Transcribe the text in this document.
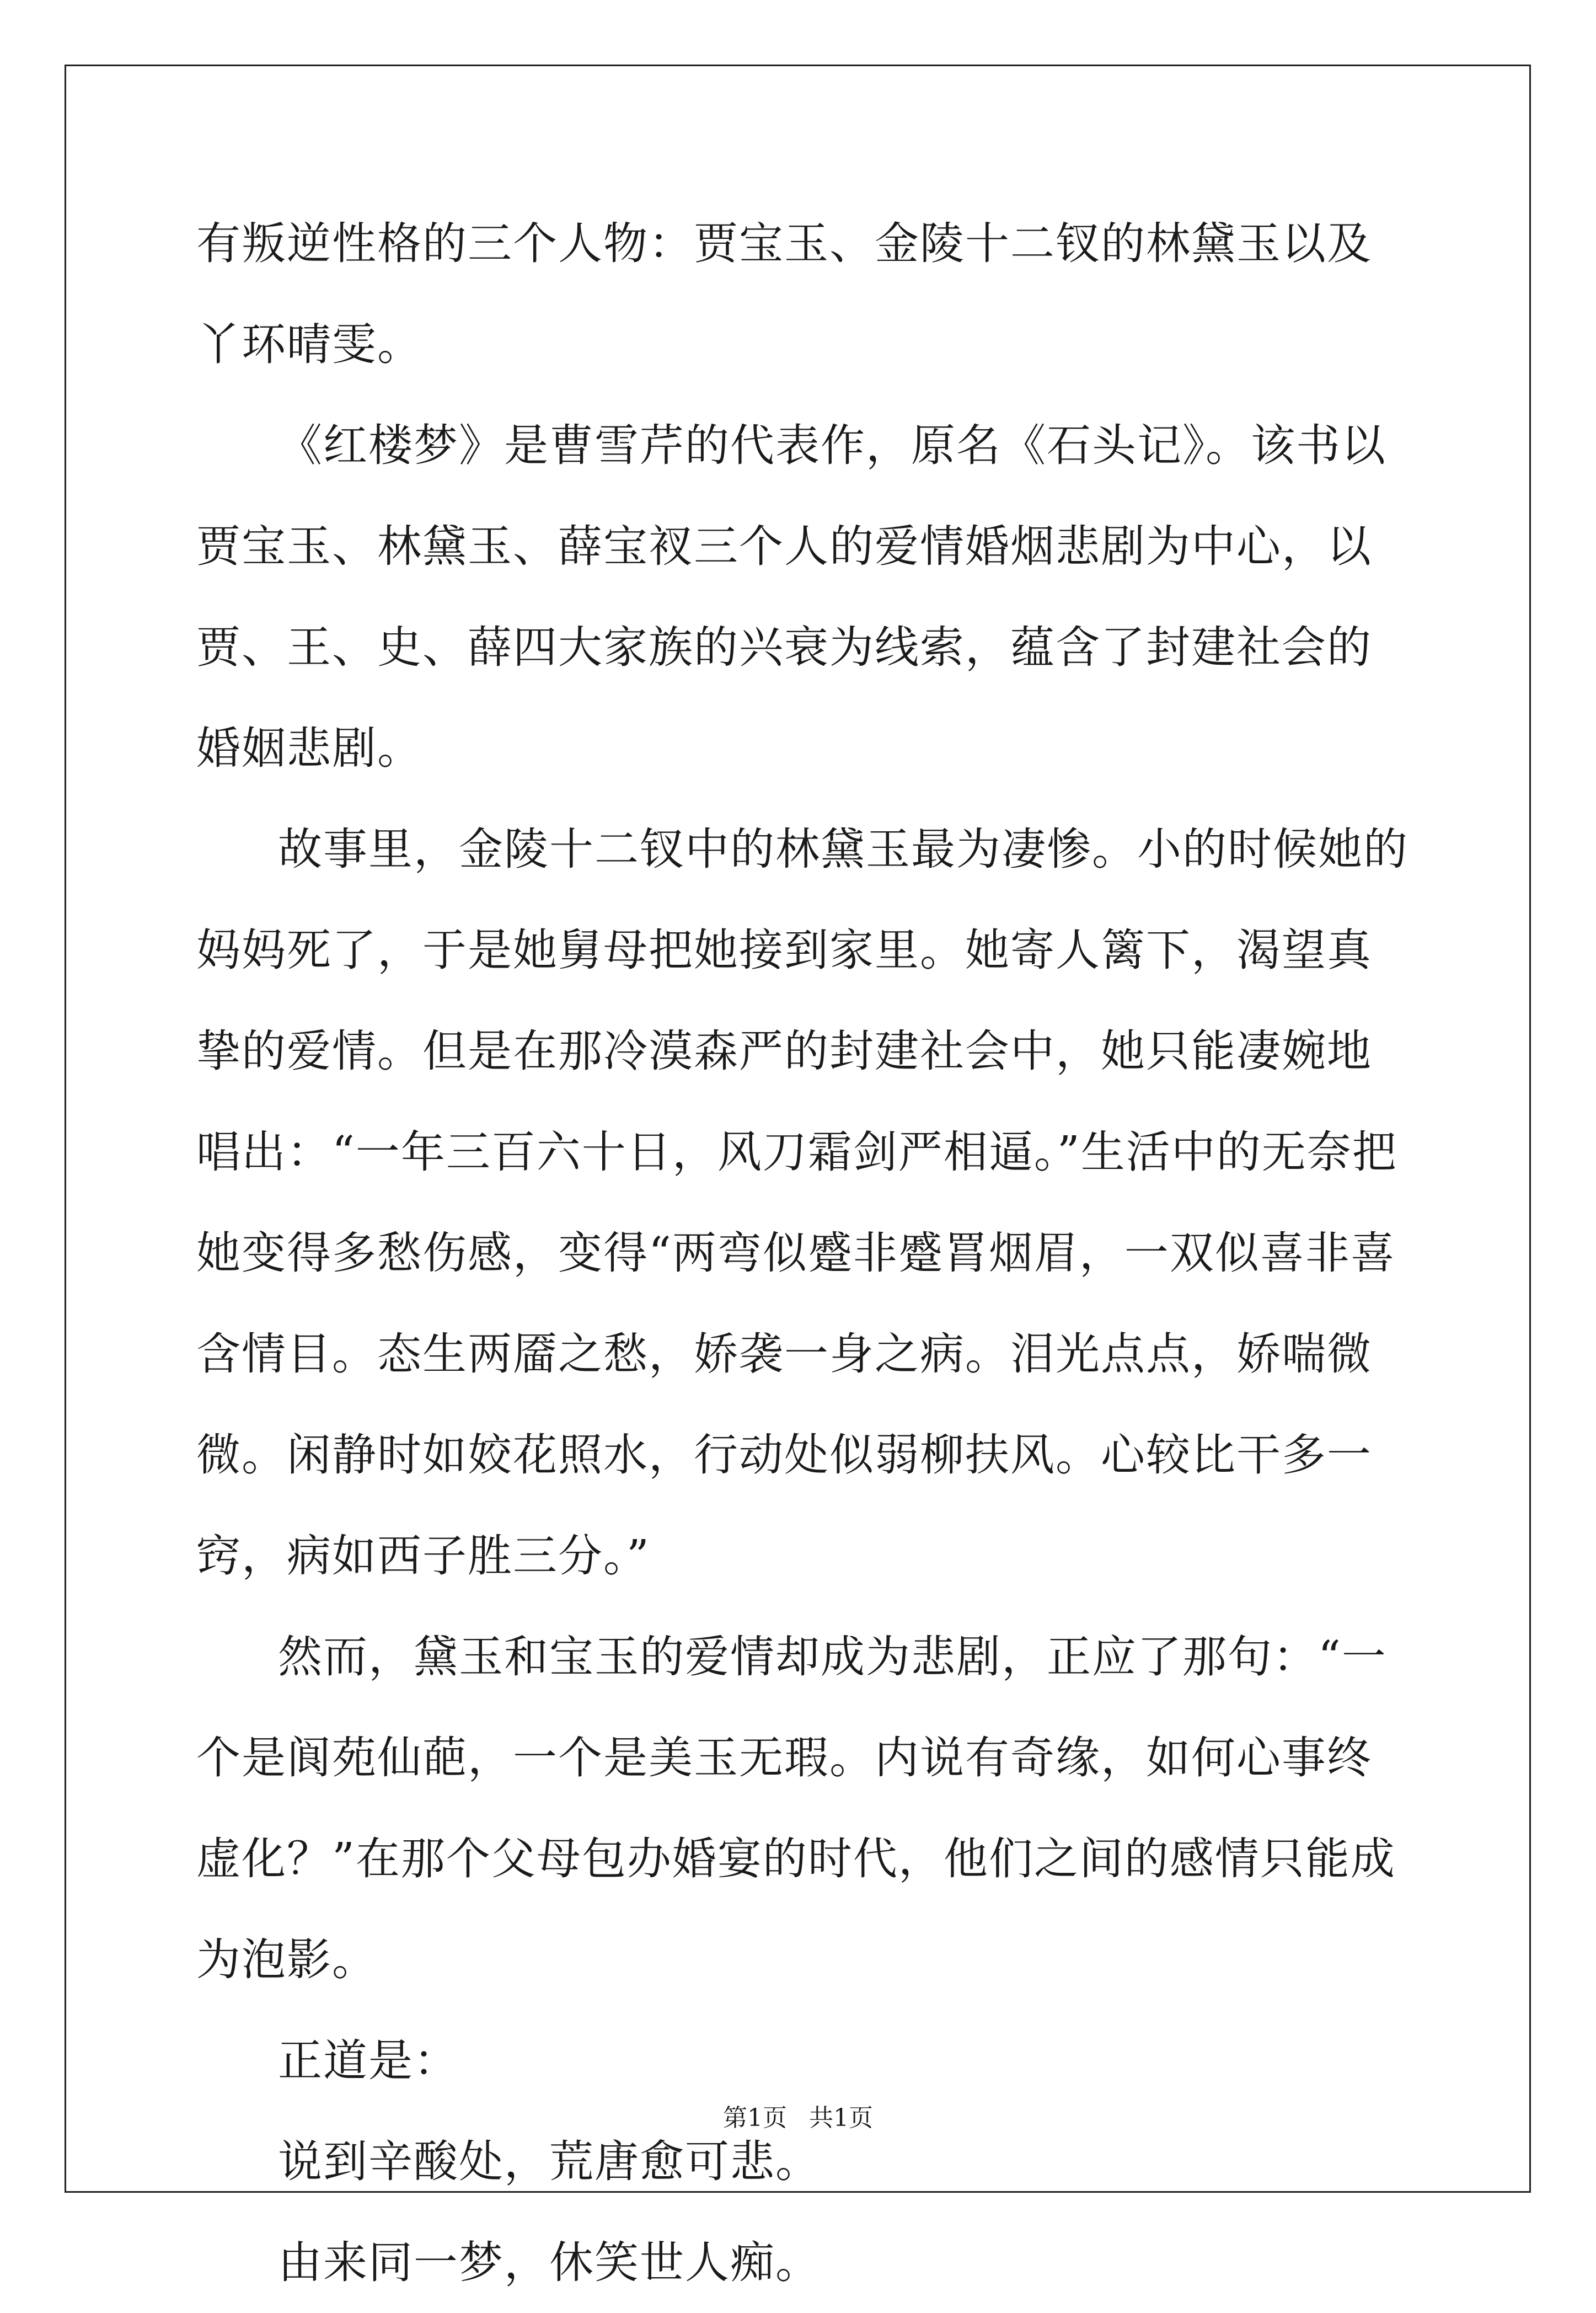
有叛逆性格的三个人物：贾宝玉、金陵十二钗的林黛玉以及丫环晴雯。

《红楼梦》是曹雪芹的代表作，原名《石头记》。该书以贾宝玉、林黛玉、薛宝衩三个人的爱情婚烟悲剧为中心，以贾、王、史、薛四大家族的兴衰为线索，蕴含了封建社会的婚姻悲剧。

故事里，金陵十二钗中的林黛玉最为凄惨。小的时候她的妈妈死了，于是她舅母把她接到家里。她寄人篱下，渴望真挚的爱情。但是在那冷漠森严的封建社会中，她只能凄婉地唱出：“一年三百六十日，风刀霜剑严相逼。”生活中的无奈把她变得多愁伤感，变得“两弯似蹙非蹙罥烟眉，一双似喜非喜含情目。态生两靥之愁，娇袭一身之病。泪光点点，娇喘微微。闲静时如姣花照水，行动处似弱柳扶风。心较比干多一窍，病如西子胜三分。”

然而，黛玉和宝玉的爱情却成为悲剧，正应了那句：“一个是阆苑仙葩，一个是美玉无瑕。内说有奇缘，如何心事终虚化？”在那个父母包办婚宴的时代，他们之间的感情只能成为泡影。

正道是：

说到辛酸处，荒唐愈可悲。

由来同一梦，休笑世人痴。

第1页 共1页
